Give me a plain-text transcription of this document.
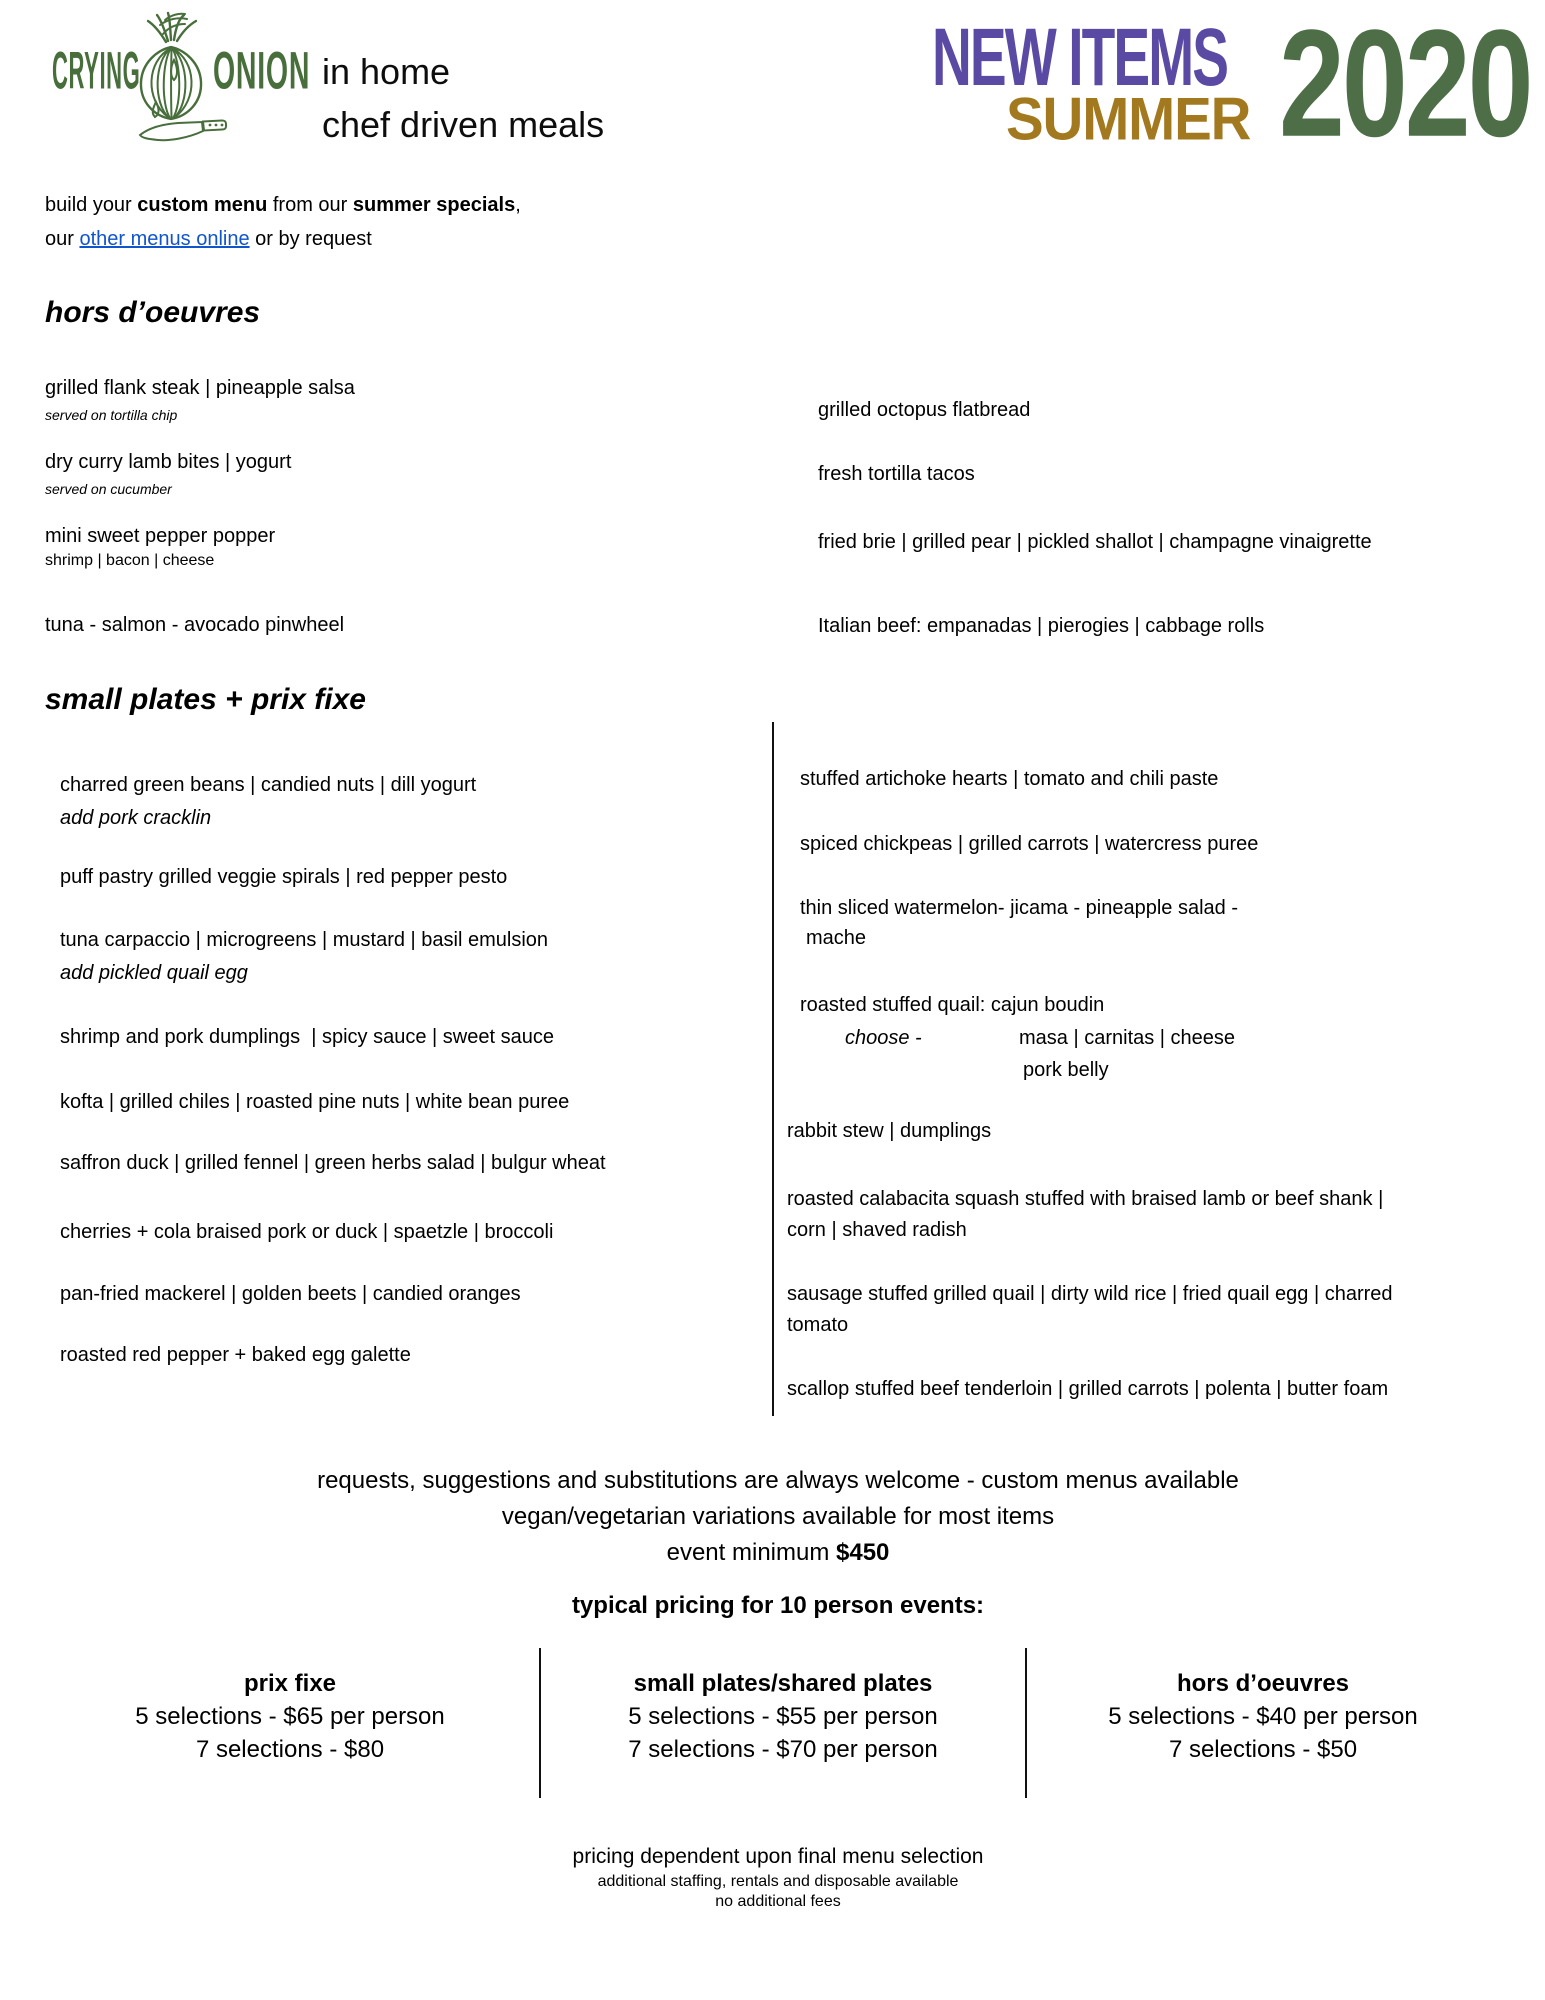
CRYING ONION in home
chef driven meals
NEW ITEMS
SUMMER 2020
build your custom menu from our summer specials,
our other menus online or by request
hors d’oeuvres
grilled flank steak | pineapple salsa
served on tortilla chip
dry curry lamb bites | yogurt
served on cucumber
mini sweet pepper popper
shrimp | bacon | cheese
tuna - salmon - avocado pinwheel
grilled octopus flatbread
fresh tortilla tacos
fried brie | grilled pear | pickled shallot | champagne vinaigrette
Italian beef: empanadas | pierogies | cabbage rolls
small plates + prix fixe
charred green beans | candied nuts | dill yogurt
add pork cracklin
puff pastry grilled veggie spirals | red pepper pesto
tuna carpaccio | microgreens | mustard | basil emulsion
add pickled quail egg
shrimp and pork dumplings  | spicy sauce | sweet sauce
kofta | grilled chiles | roasted pine nuts | white bean puree
saffron duck | grilled fennel | green herbs salad | bulgur wheat
cherries + cola braised pork or duck | spaetzle | broccoli
pan-fried mackerel | golden beets | candied oranges
roasted red pepper + baked egg galette
stuffed artichoke hearts | tomato and chili paste
spiced chickpeas | grilled carrots | watercress puree
thin sliced watermelon- jicama - pineapple salad -
mache
roasted stuffed quail: cajun boudin
choose -	masa | carnitas | cheese
pork belly
rabbit stew | dumplings
roasted calabacita squash stuffed with braised lamb or beef shank |
corn | shaved radish
sausage stuffed grilled quail | dirty wild rice | fried quail egg | charred
tomato
scallop stuffed beef tenderloin | grilled carrots | polenta | butter foam
requests, suggestions and substitutions are always welcome - custom menus available
vegan/vegetarian variations available for most items
event minimum $450
typical pricing for 10 person events:
prix fixe
5 selections - $65 per person
7 selections - $80
small plates/shared plates
5 selections - $55 per person
7 selections - $70 per person
hors d’oeuvres
5 selections - $40 per person
7 selections - $50
pricing dependent upon final menu selection
additional staffing, rentals and disposable available
no additional fees
